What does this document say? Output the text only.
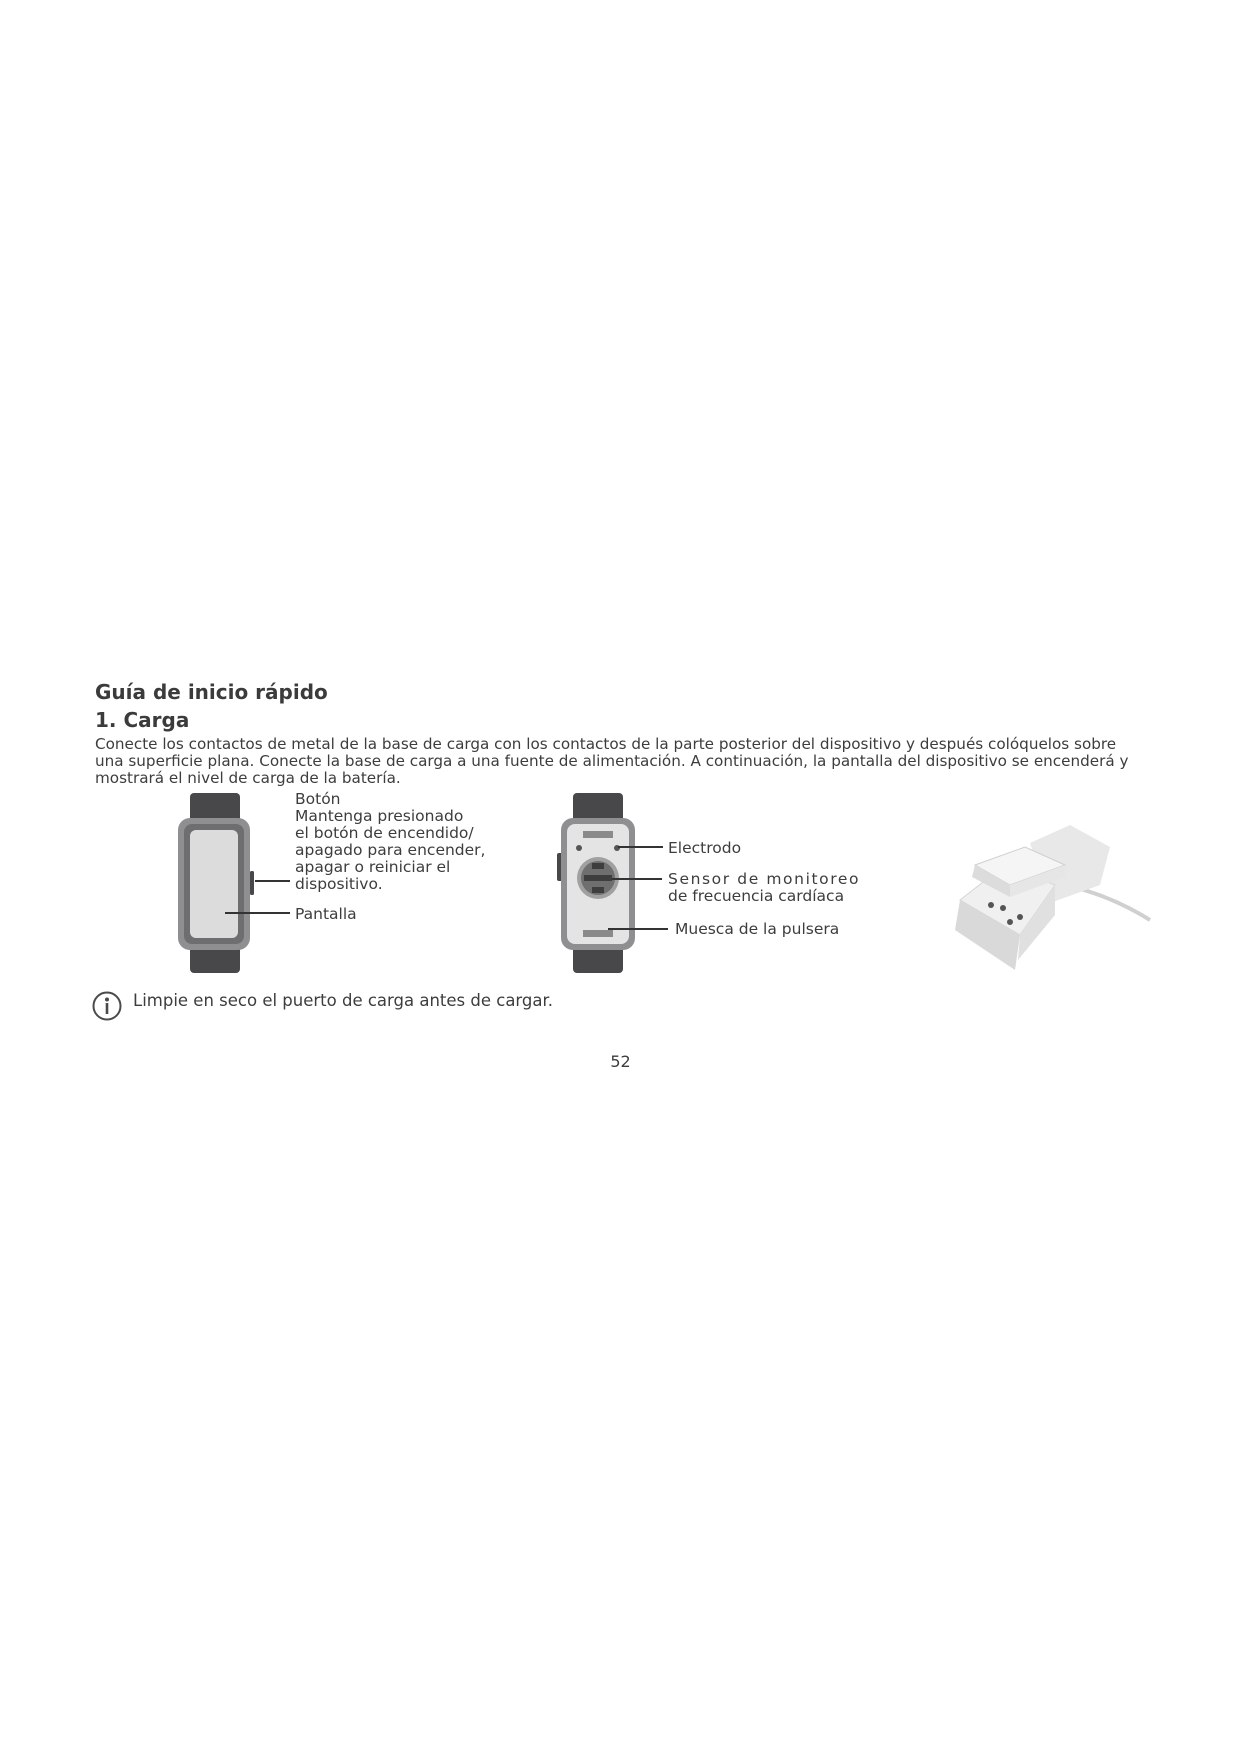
Guía de inicio rápido
1. Carga
Conecte los contactos de metal de la base de carga con los contactos de la parte posterior del dispositivo y después colóquelos sobre
una superficie plana. Conecte la base de carga a una fuente de alimentación. A continuación, la pantalla del dispositivo se encenderá y
mostrará el nivel de carga de la batería.
Botón
Mantenga presionado
el botón de encendido/
apagado para encender,
apagar o reiniciar el
dispositivo.
Pantalla
Electrodo
Sensor de monitoreo
de frecuencia cardíaca
Muesca de la pulsera
Limpie en seco el puerto de carga antes de cargar.
52
